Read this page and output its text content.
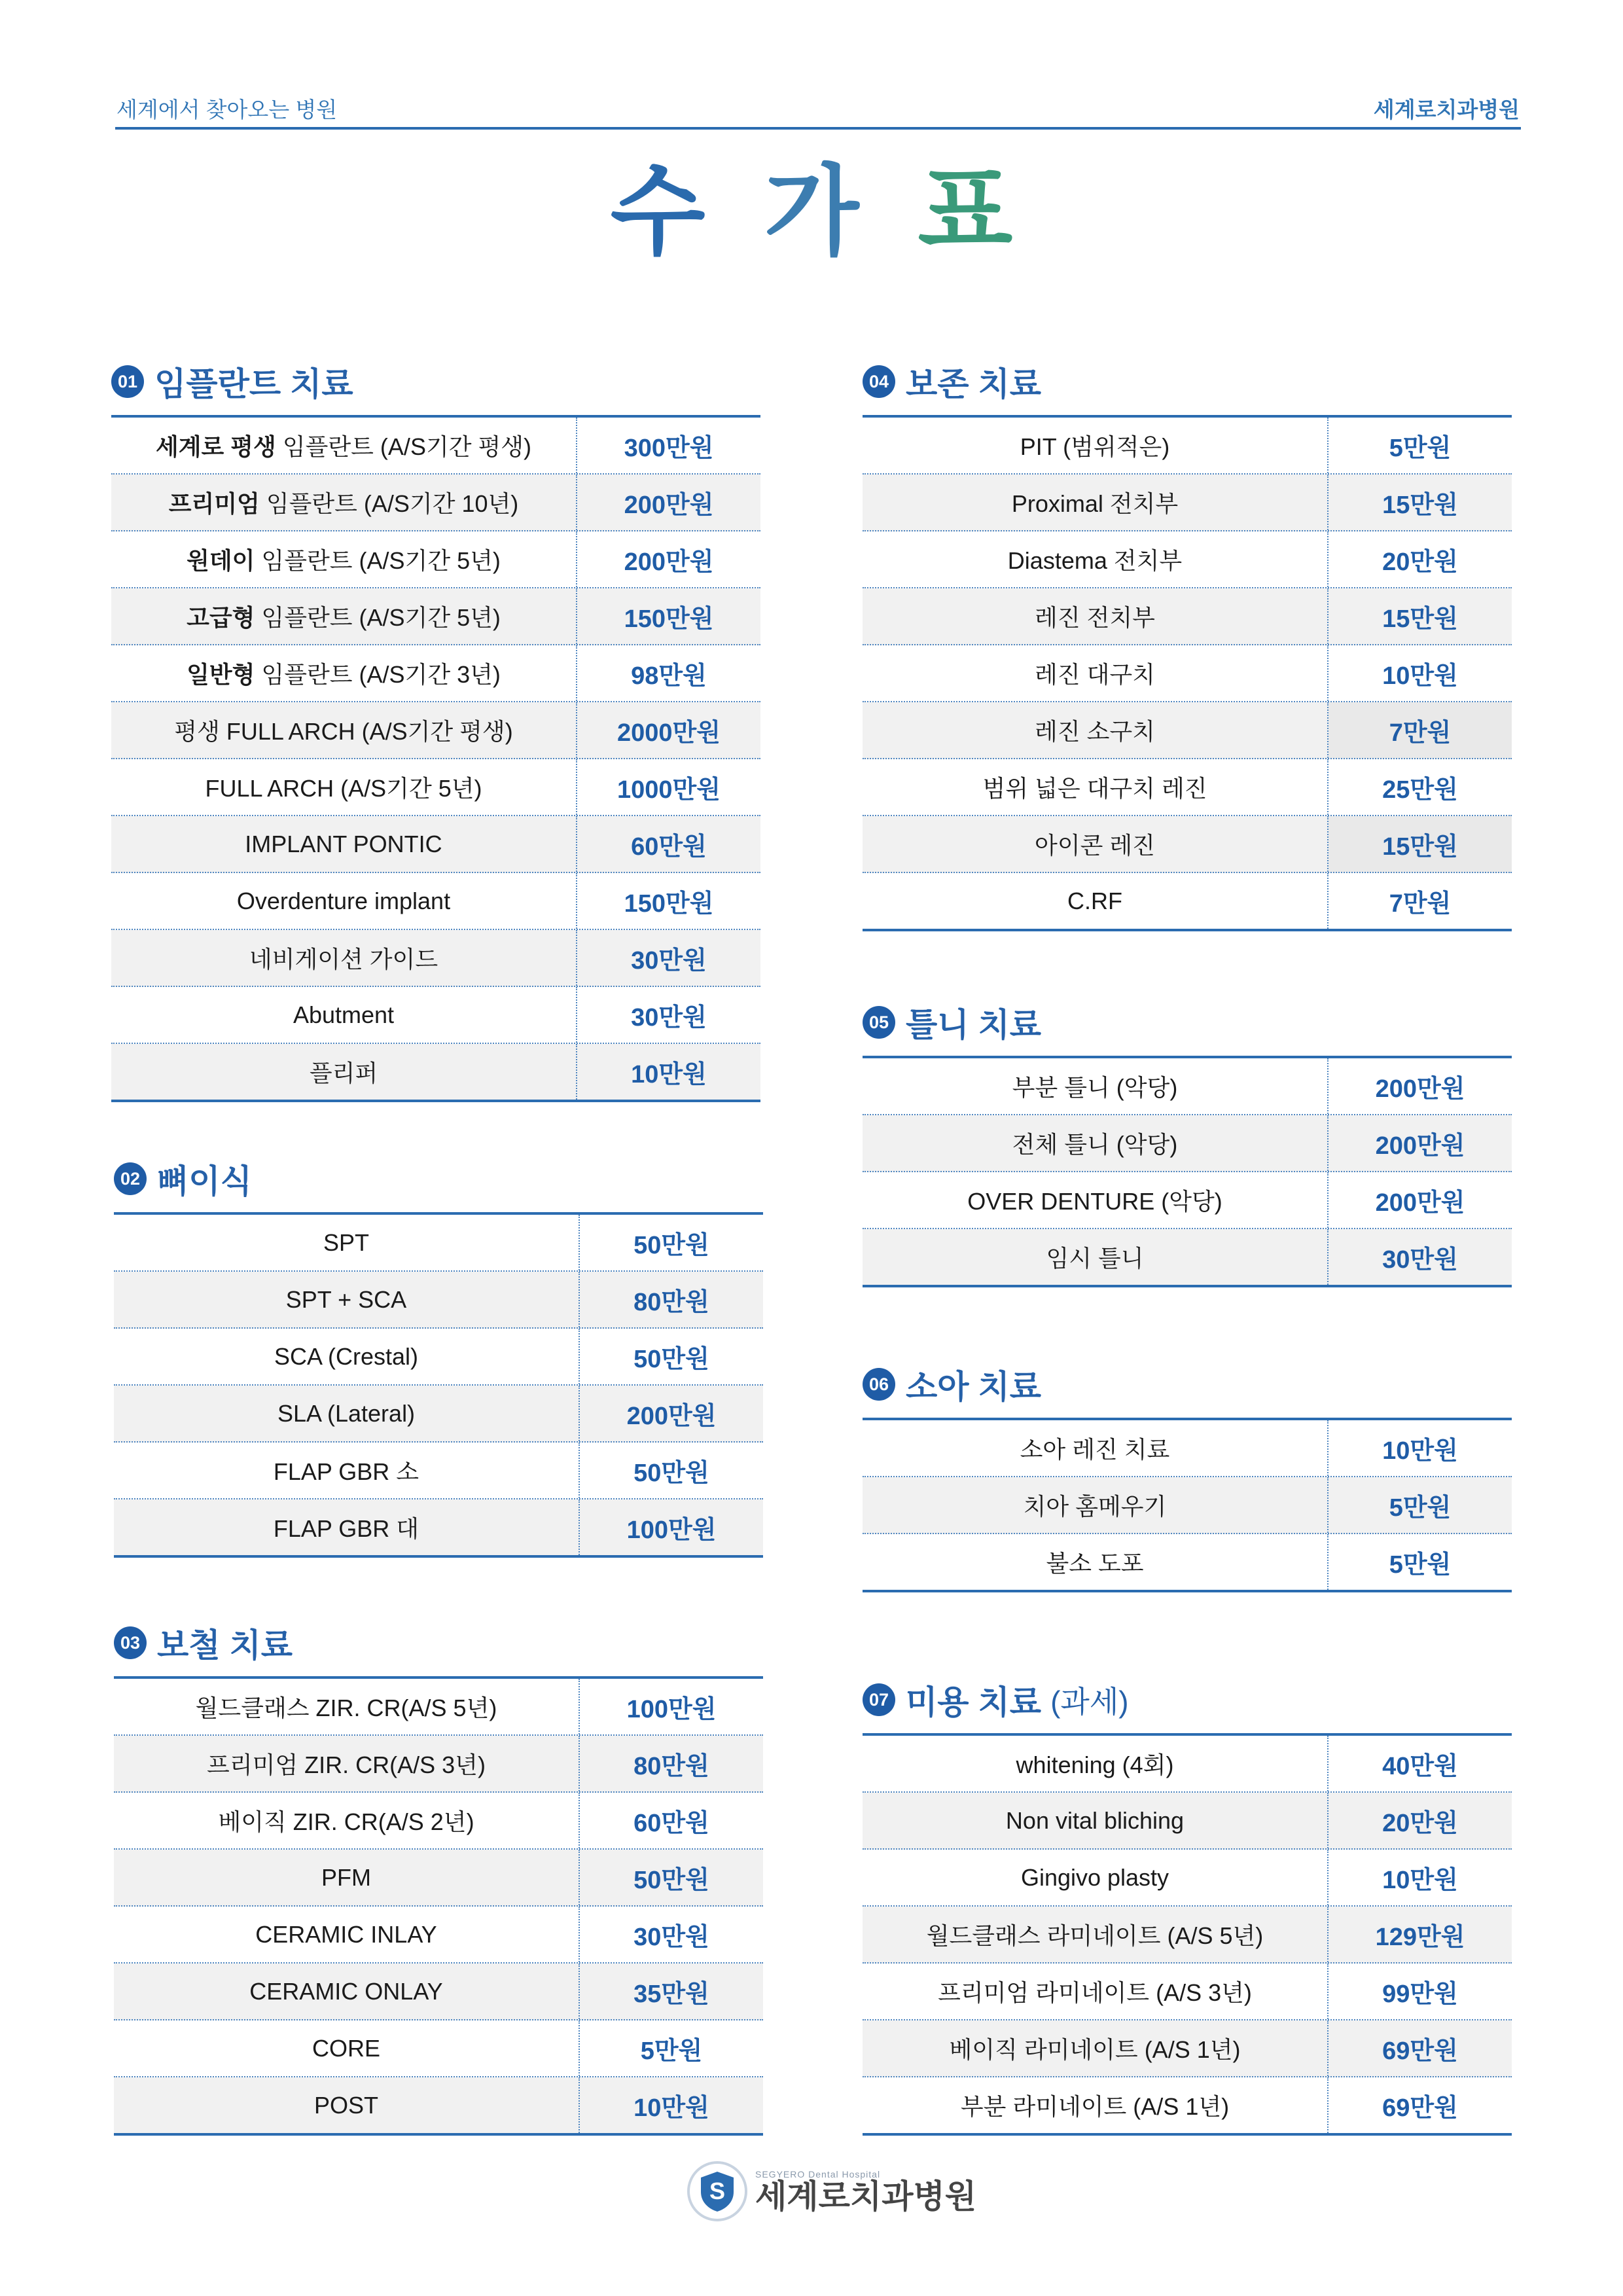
세계에서 찾아오는 병원	세계로치과병원
수 가 표
01 임플란트 치료
세계로 평생 임플란트 (A/S기간 평생)	300만원
프리미엄 임플란트 (A/S기간 10년)	200만원
원데이 임플란트 (A/S기간 5년)	200만원
고급형 임플란트 (A/S기간 5년)	150만원
일반형 임플란트 (A/S기간 3년)	98만원
평생 FULL ARCH (A/S기간 평생)	2000만원
FULL ARCH (A/S기간 5년)	1000만원
IMPLANT PONTIC	60만원
Overdenture implant	150만원
네비게이션 가이드	30만원
Abutment	30만원
플리퍼	10만원
02 뼈이식
SPT	50만원
SPT + SCA	80만원
SCA (Crestal)	50만원
SLA (Lateral)	200만원
FLAP GBR 소	50만원
FLAP GBR 대	100만원
03 보철 치료
월드클래스 ZIR. CR(A/S 5년)	100만원
프리미엄 ZIR. CR(A/S 3년)	80만원
베이직 ZIR. CR(A/S 2년)	60만원
PFM	50만원
CERAMIC INLAY	30만원
CERAMIC ONLAY	35만원
CORE	5만원
POST	10만원
04 보존 치료
PIT (범위적은)	5만원
Proximal 전치부	15만원
Diastema 전치부	20만원
레진 전치부	15만원
레진 대구치	10만원
레진 소구치	7만원
범위 넓은 대구치 레진	25만원
아이콘 레진	15만원
C.RF	7만원
05 틀니 치료
부분 틀니 (악당)	200만원
전체 틀니 (악당)	200만원
OVER DENTURE (악당)	200만원
임시 틀니	30만원
06 소아 치료
소아 레진 치료	10만원
치아 홈메우기	5만원
불소 도포	5만원
07 미용 치료 (과세)
whitening (4회)	40만원
Non vital bliching	20만원
Gingivo plasty	10만원
월드클래스 라미네이트 (A/S 5년)	129만원
프리미엄 라미네이트 (A/S 3년)	99만원
베이직 라미네이트 (A/S 1년)	69만원
부분 라미네이트 (A/S 1년)	69만원
S
SEGYERO Dental Hospital
세계로치과병원
